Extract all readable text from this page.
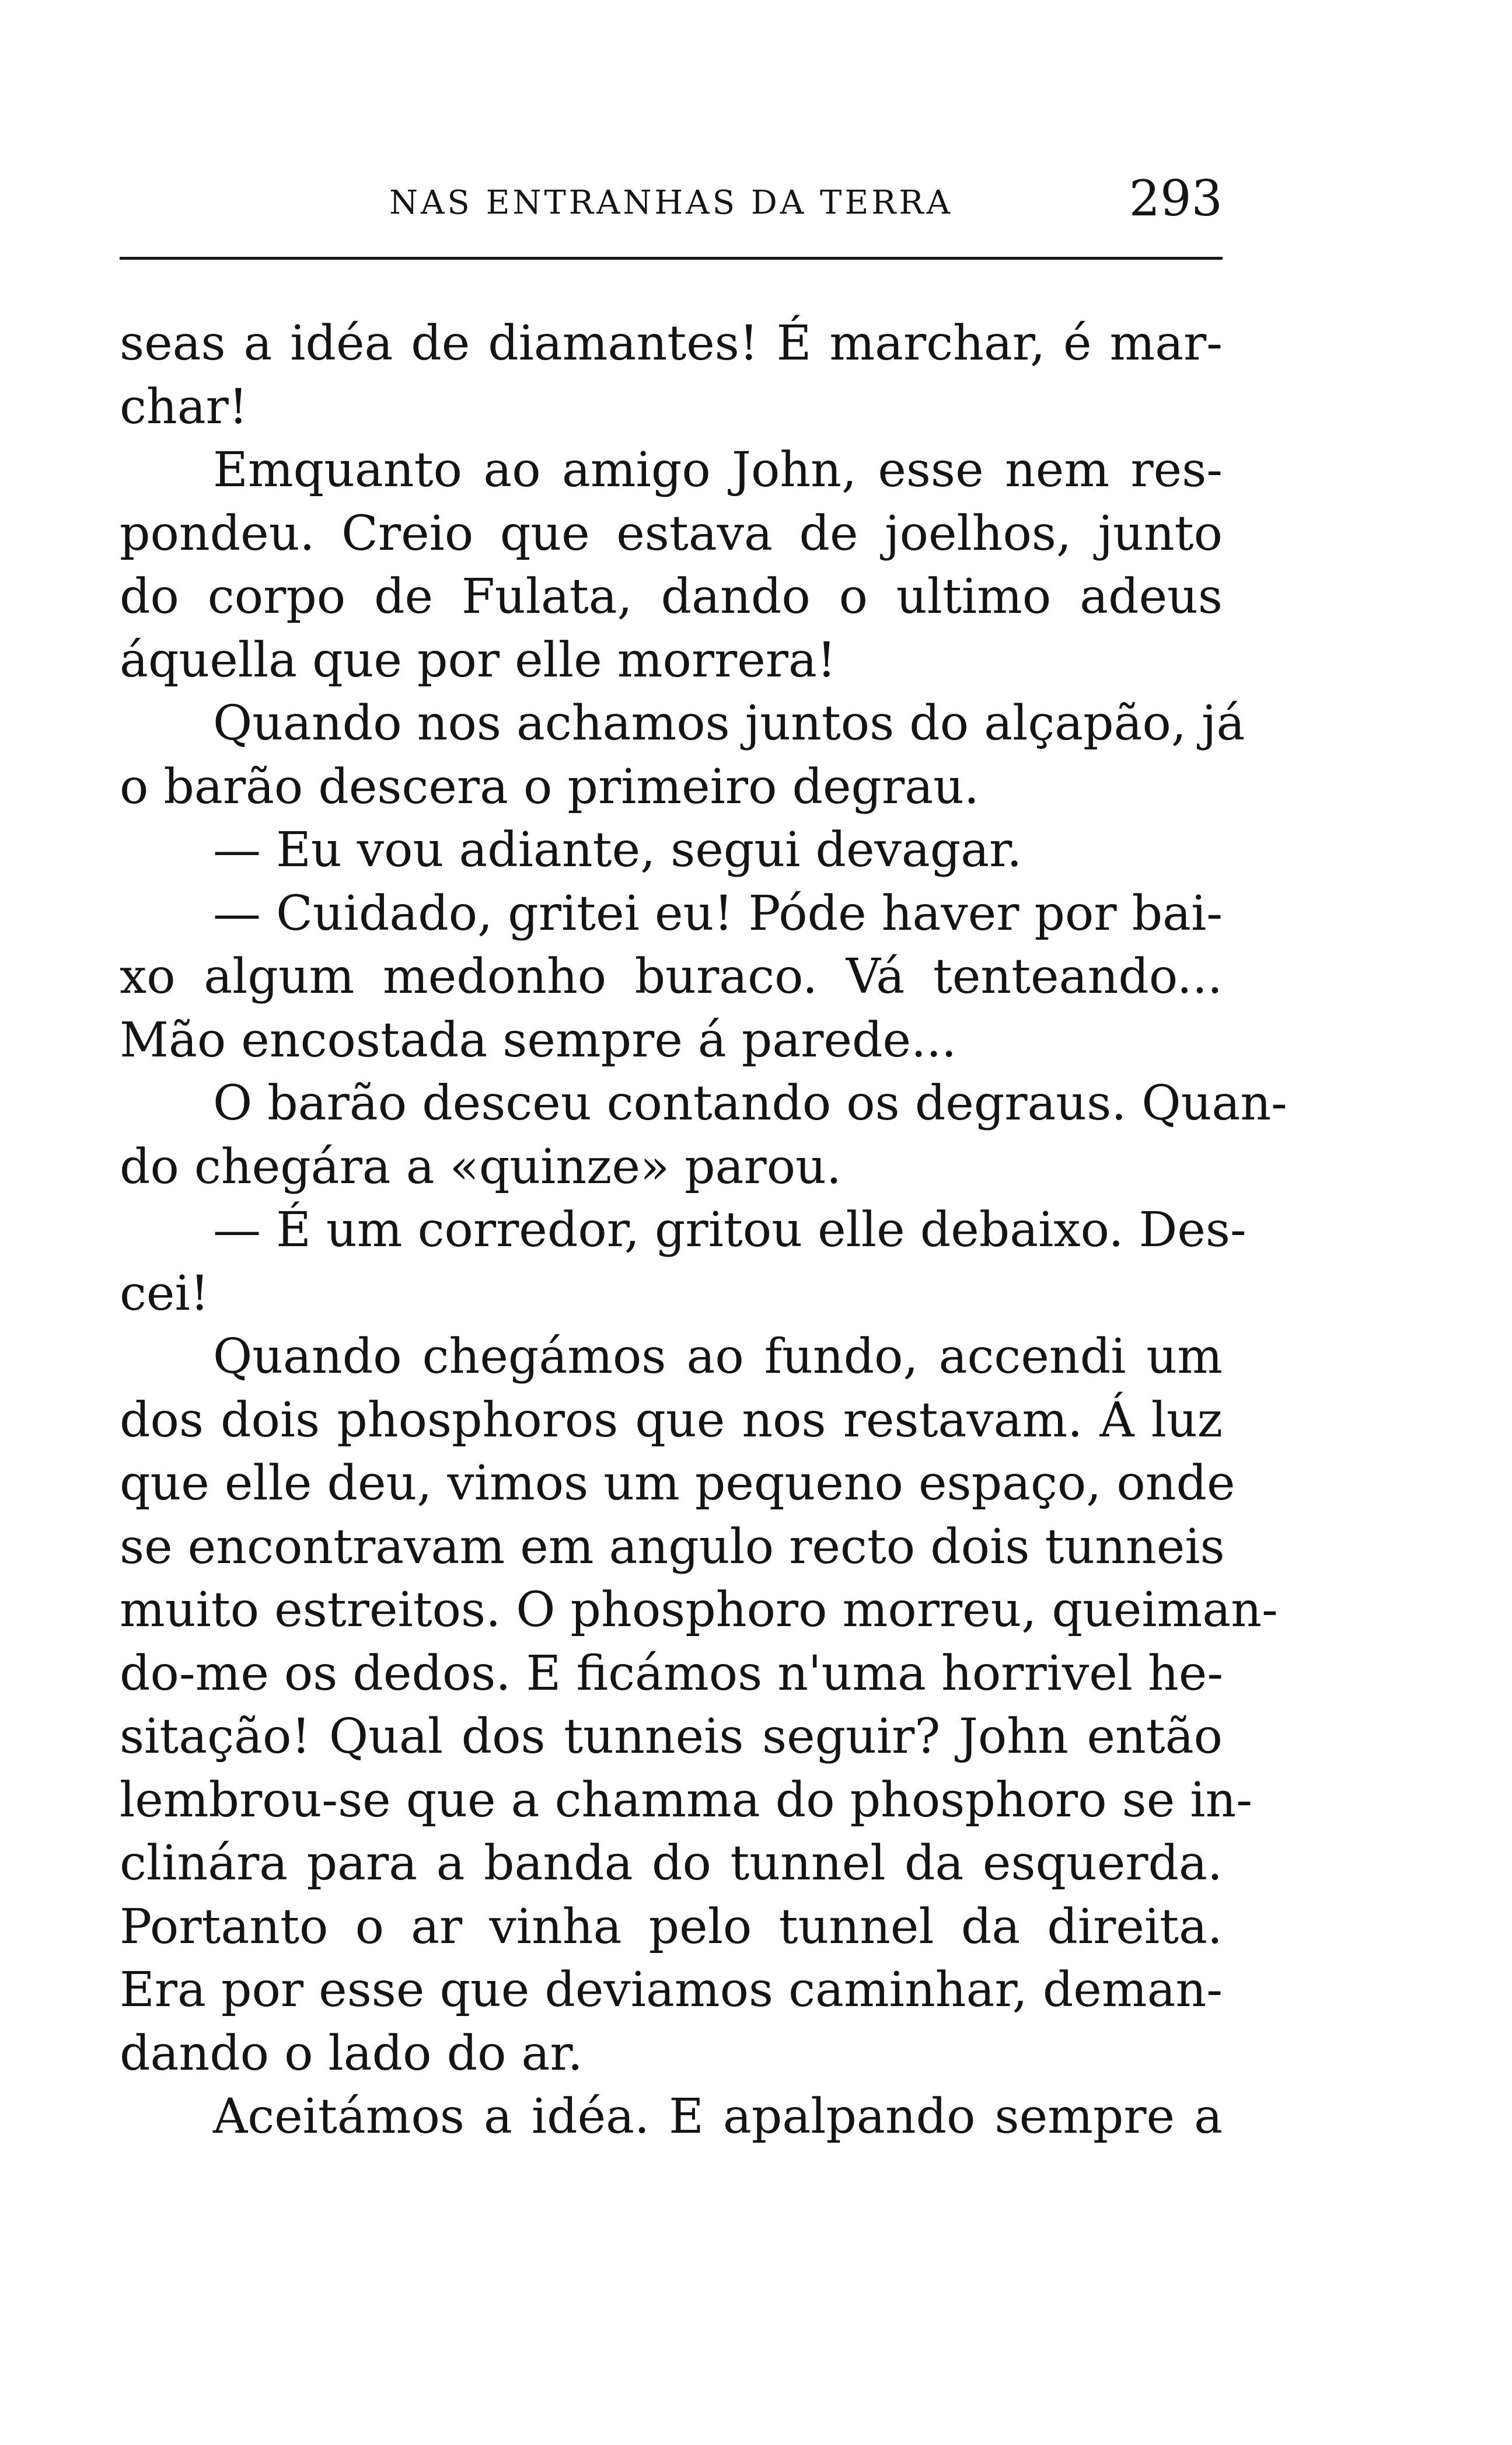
NAS ENTRANHAS DA TERRA	293
seas a idéa de diamantes! É marchar, é mar-
char!
Emquanto ao amigo John, esse nem res-
pondeu. Creio que estava de joelhos, junto
do corpo de Fulata, dando o ultimo adeus
áquella que por elle morrera!
Quando nos achamos juntos do alçapão, já
o barão descera o primeiro degrau.
— Eu vou adiante, segui devagar.
— Cuidado, gritei eu! Póde haver por bai-
xo algum medonho buraco. Vá tenteando...
Mão encostada sempre á parede...
O barão desceu contando os degraus. Quan-
do chegára a «quinze» parou.
— É um corredor, gritou elle debaixo. Des-
cei!
Quando chegámos ao fundo, accendi um
dos dois phosphoros que nos restavam. Á luz
que elle deu, vimos um pequeno espaço, onde
se encontravam em angulo recto dois tunneis
muito estreitos. O phosphoro morreu, queiman-
do-me os dedos. E ficámos n'uma horrivel he-
sitação! Qual dos tunneis seguir? John então
lembrou-se que a chamma do phosphoro se in-
clinára para a banda do tunnel da esquerda.
Portanto o ar vinha pelo tunnel da direita.
Era por esse que deviamos caminhar, deman-
dando o lado do ar.
Aceitámos a idéa. E apalpando sempre a
